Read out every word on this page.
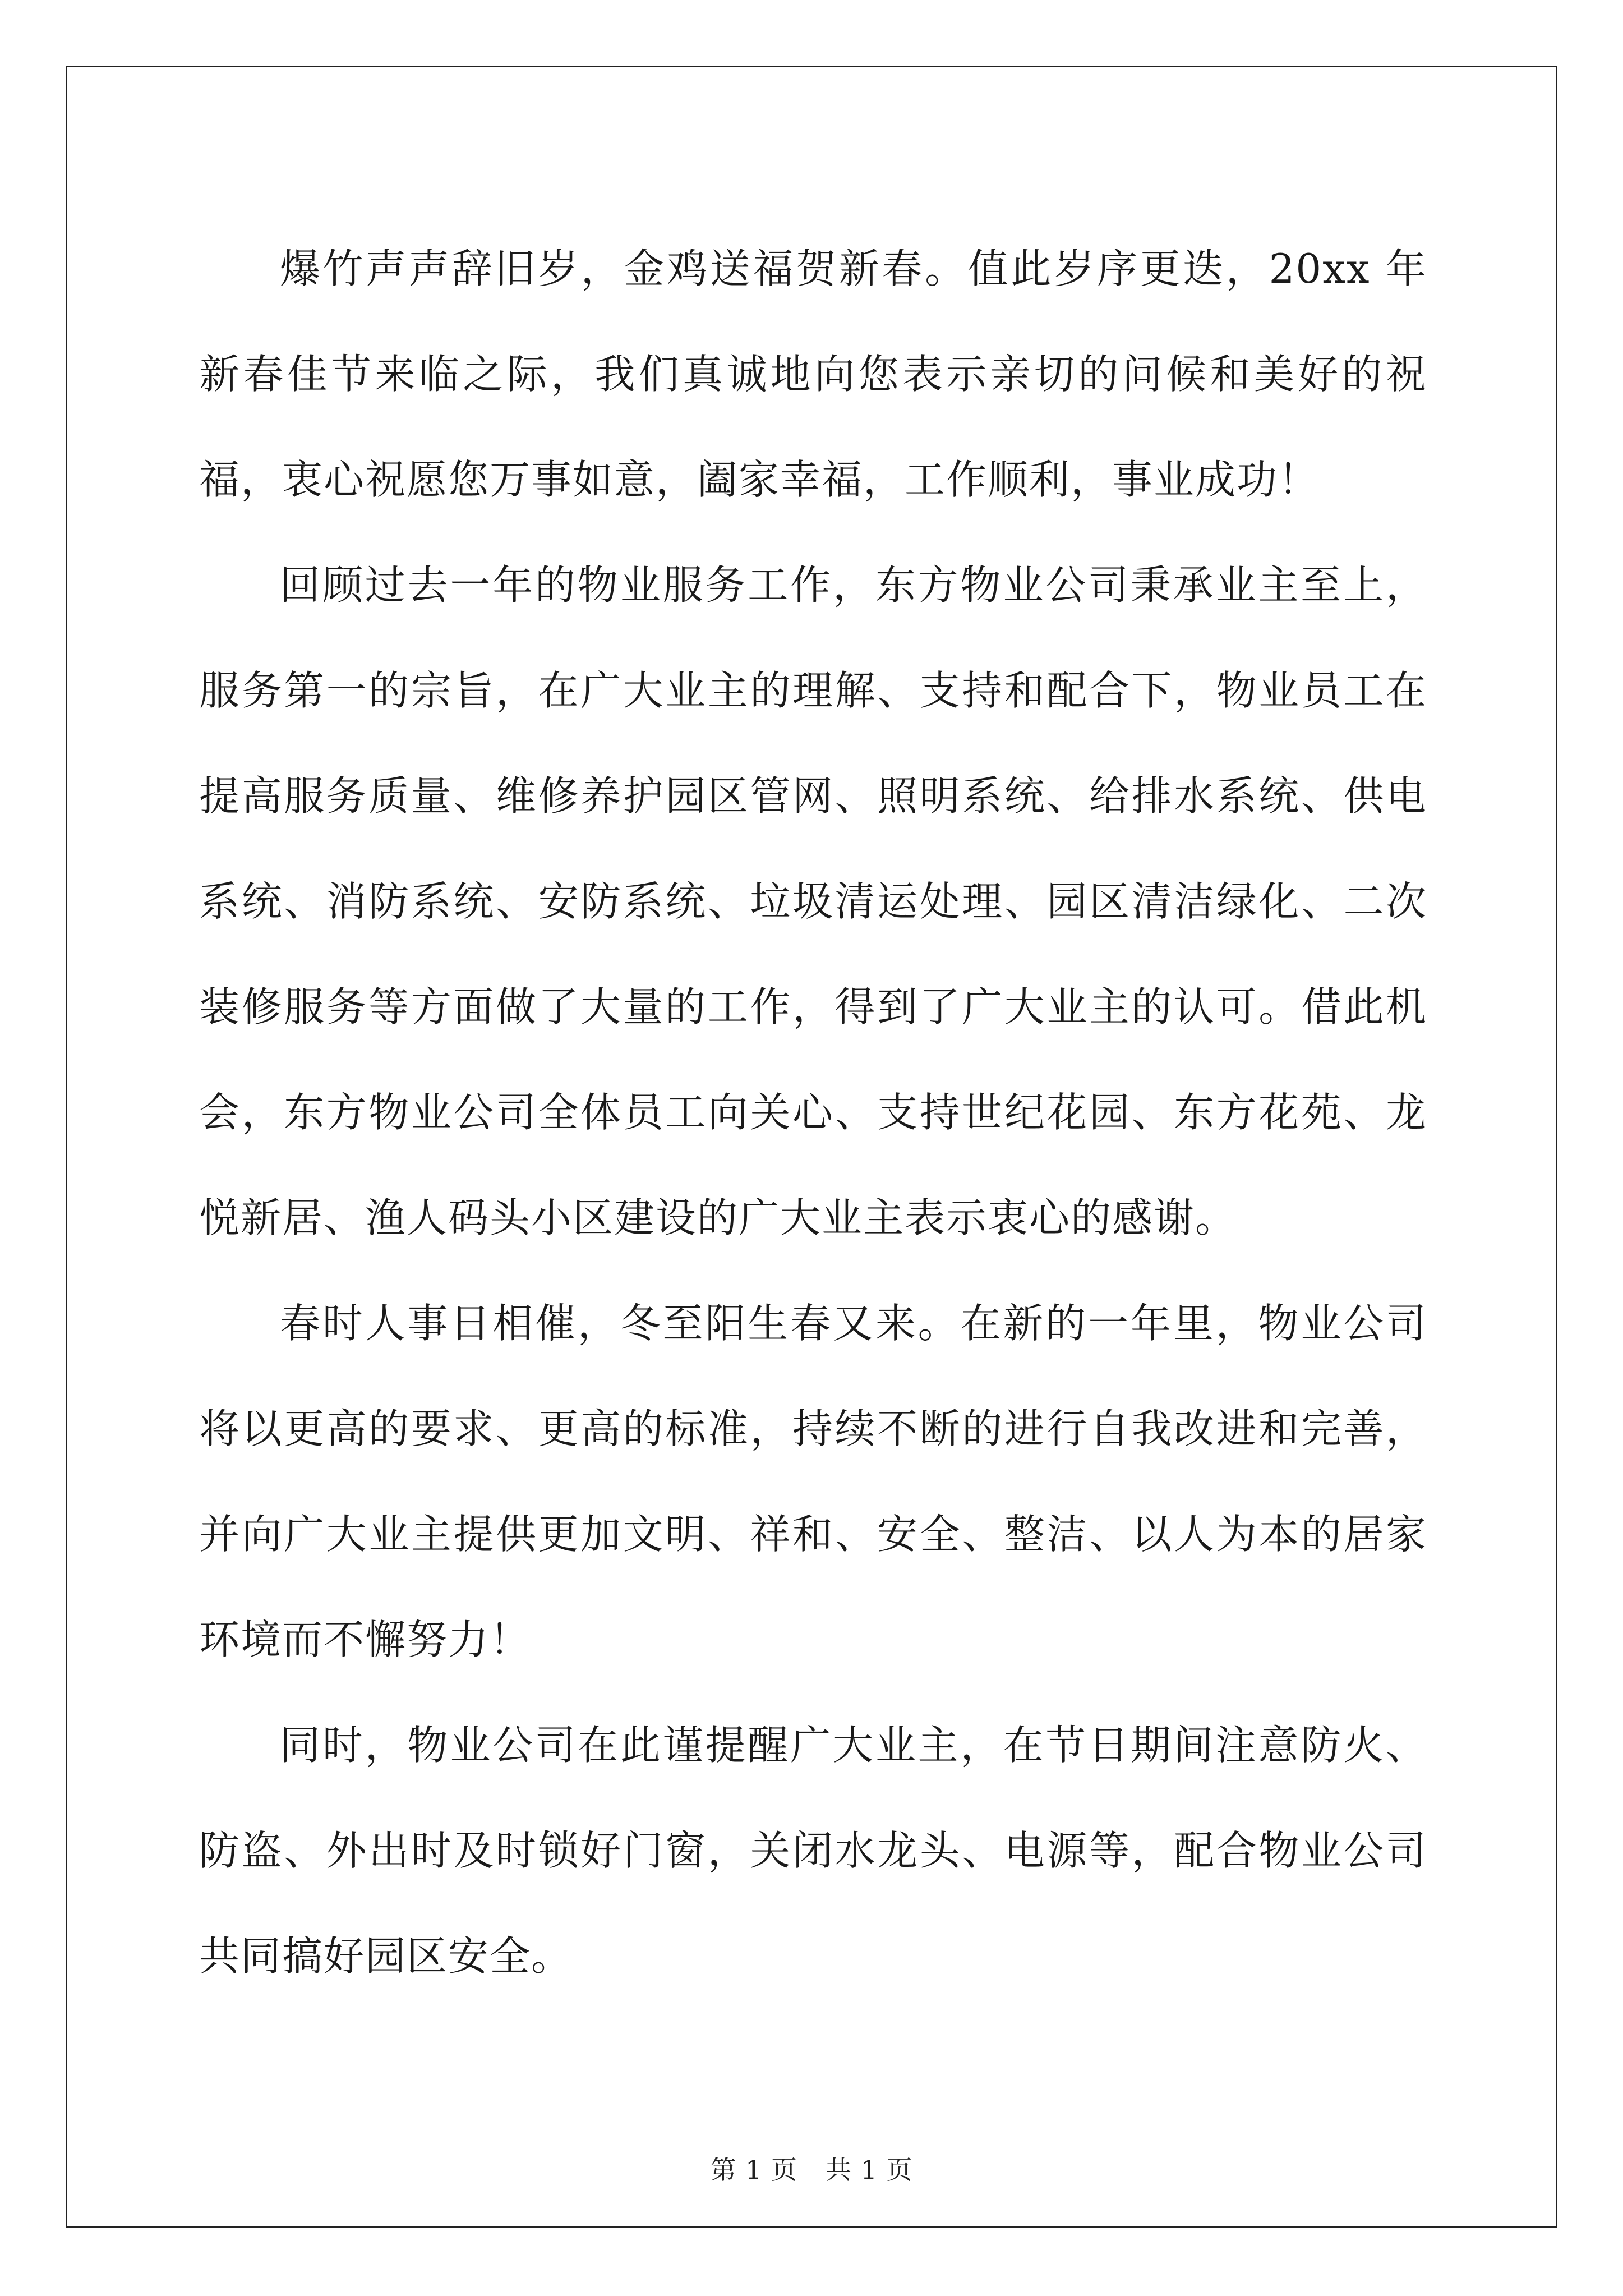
爆竹声声辞旧岁，金鸡送福贺新春。值此岁序更迭，20xx 年新春佳节来临之际，我们真诚地向您表示亲切的问候和美好的祝福，衷心祝愿您万事如意，阖家幸福，工作顺利，事业成功！

回顾过去一年的物业服务工作，东方物业公司秉承业主至上，服务第一的宗旨，在广大业主的理解、支持和配合下，物业员工在提高服务质量、维修养护园区管网、照明系统、给排水系统、供电系统、消防系统、安防系统、垃圾清运处理、园区清洁绿化、二次装修服务等方面做了大量的工作，得到了广大业主的认可。借此机会，东方物业公司全体员工向关心、支持世纪花园、东方花苑、龙悦新居、渔人码头小区建设的广大业主表示衷心的感谢。

春时人事日相催，冬至阳生春又来。在新的一年里，物业公司将以更高的要求、更高的标准，持续不断的进行自我改进和完善，并向广大业主提供更加文明、祥和、安全、整洁、以人为本的居家环境而不懈努力！

同时，物业公司在此谨提醒广大业主，在节日期间注意防火、防盗、外出时及时锁好门窗，关闭水龙头、电源等，配合物业公司共同搞好园区安全。

第 1 页 共 1 页
